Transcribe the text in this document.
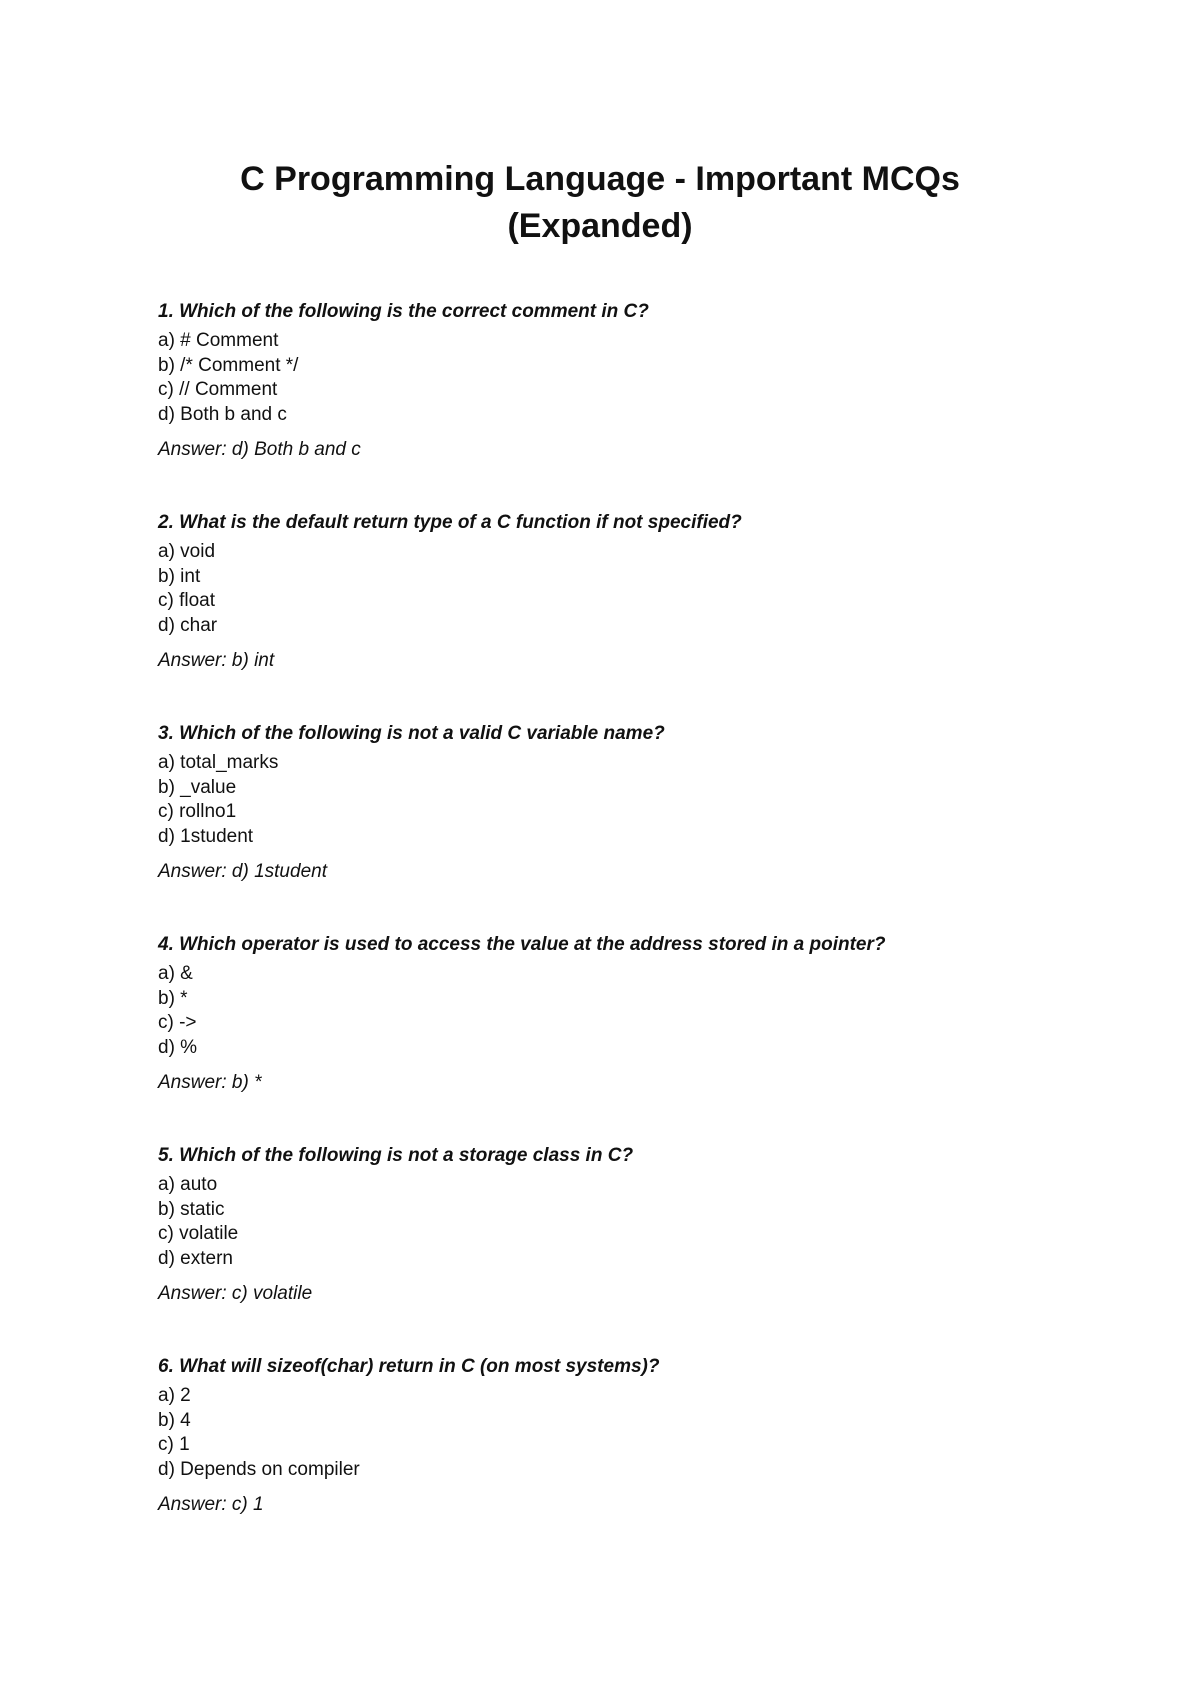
C Programming Language - Important MCQs
(Expanded)

1. Which of the following is the correct comment in C?

a) # Comment
b) /* Comment */
c) // Comment
d) Both b and c
Answer: d) Both b and c

2. What is the default return type of a C function if not specified?

a) void
b) int
c) float
d) char
Answer: b) int

3. Which of the following is not a valid C variable name?

a) total_marks
b) _value
c) rollno1
d) 1student
Answer: d) 1student

4. Which operator is used to access the value at the address stored in a pointer?

a) &
b) *
c) ->
d) %
Answer: b) *

5. Which of the following is not a storage class in C?

a) auto
b) static
c) volatile
d) extern
Answer: c) volatile

6. What will sizeof(char) return in C (on most systems)?

a) 2
b) 4
c) 1
d) Depends on compiler
Answer: c) 1
